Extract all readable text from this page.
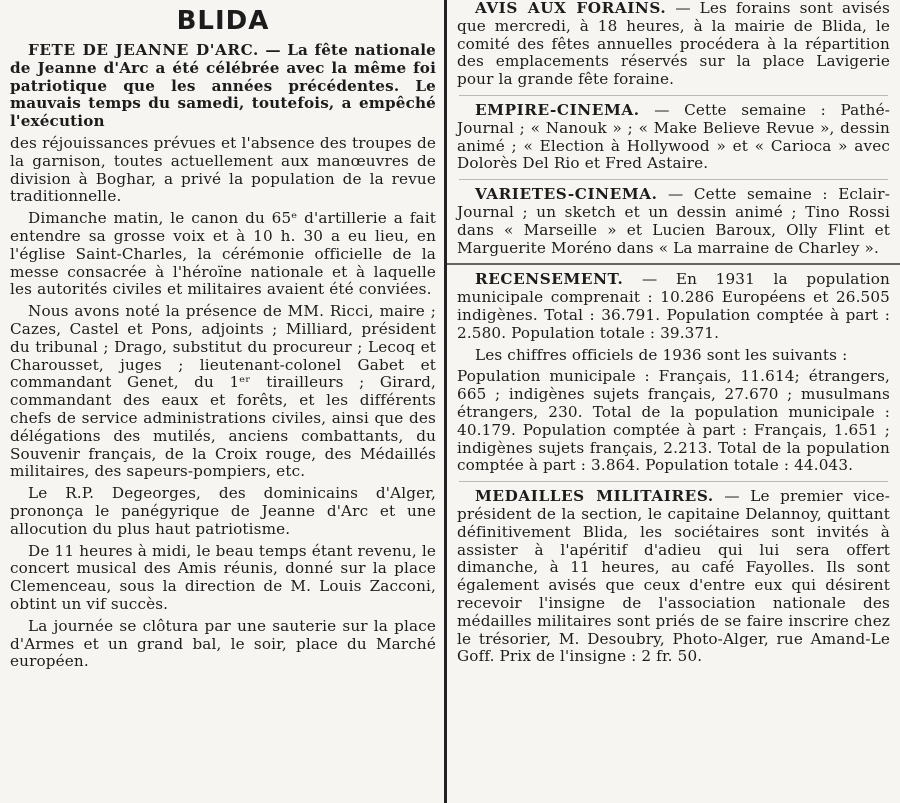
BLIDA

FETE DE JEANNE D'ARC. — La fête nationale de Jeanne d'Arc a été célébrée avec la même foi patriotique que les années précédentes. Le mauvais temps du samedi, toutefois, a empêché l'exécution

des réjouissances prévues et l'absence des troupes de la garnison, toutes actuellement aux manœuvres de division à Boghar, a privé la population de la revue traditionnelle.

Dimanche matin, le canon du 65ᵉ d'artillerie a fait entendre sa grosse voix et à 10 h. 30 a eu lieu, en l'église Saint-Charles, la cérémonie officielle de la messe consacrée à l'héroïne nationale et à laquelle les autorités civiles et militaires avaient été conviées.

Nous avons noté la présence de MM. Ricci, maire ; Cazes, Castel et Pons, adjoints ; Milliard, président du tribunal ; Drago, substitut du procureur ; Lecoq et Charousset, juges ; lieutenant-colonel Gabet et commandant Genet, du 1ᵉʳ tirailleurs ; Girard, commandant des eaux et forêts, et les différents chefs de service administrations civiles, ainsi que des délégations des mutilés, anciens combattants, du Souvenir français, de la Croix rouge, des Médaillés militaires, des sapeurs-pompiers, etc.

Le R.P. Degeorges, des dominicains d'Alger, prononça le panégyrique de Jeanne d'Arc et une allocution du plus haut patriotisme.

De 11 heures à midi, le beau temps étant revenu, le concert musical des Amis réunis, donné sur la place Clemenceau, sous la direction de M. Louis Zacconi, obtint un vif succès.

La journée se clôtura par une sauterie sur la place d'Armes et un grand bal, le soir, place du Marché européen.

AVIS AUX FORAINS. — Les forains sont avisés que mercredi, à 18 heures, à la mairie de Blida, le comité des fêtes annuelles procédera à la répartition des emplacements réservés sur la place Lavigerie pour la grande fête foraine.

EMPIRE-CINEMA. — Cette semaine : Pathé-Journal ; « Nanouk » ; « Make Believe Revue », dessin animé ; « Election à Hollywood » et « Carioca » avec Dolorès Del Rio et Fred Astaire.

VARIETES-CINEMA. — Cette semaine : Eclair-Journal ; un sketch et un dessin animé ; Tino Rossi dans « Marseille » et Lucien Baroux, Olly Flint et Marguerite Moréno dans « La marraine de Charley ».

RECENSEMENT. — En 1931 la population municipale comprenait : 10.286 Européens et 26.505 indigènes. Total : 36.791. Population comptée à part : 2.580. Population totale : 39.371.

Les chiffres officiels de 1936 sont les suivants :

Population municipale : Français, 11.614; étrangers, 665 ; indigènes sujets français, 27.670 ; musulmans étrangers, 230. Total de la population municipale : 40.179. Population comptée à part : Français, 1.651 ; indigènes sujets français, 2.213. Total de la population comptée à part : 3.864. Population totale : 44.043.

MEDAILLES MILITAIRES. — Le premier vice-président de la section, le capitaine Delannoy, quittant définitivement Blida, les sociétaires sont invités à assister à l'apéritif d'adieu qui lui sera offert dimanche, à 11 heures, au café Fayolles. Ils sont également avisés que ceux d'entre eux qui désirent recevoir l'insigne de l'association nationale des médailles militaires sont priés de se faire inscrire chez le trésorier, M. Desoubry, Photo-Alger, rue Amand-Le Goff. Prix de l'insigne : 2 fr. 50.
